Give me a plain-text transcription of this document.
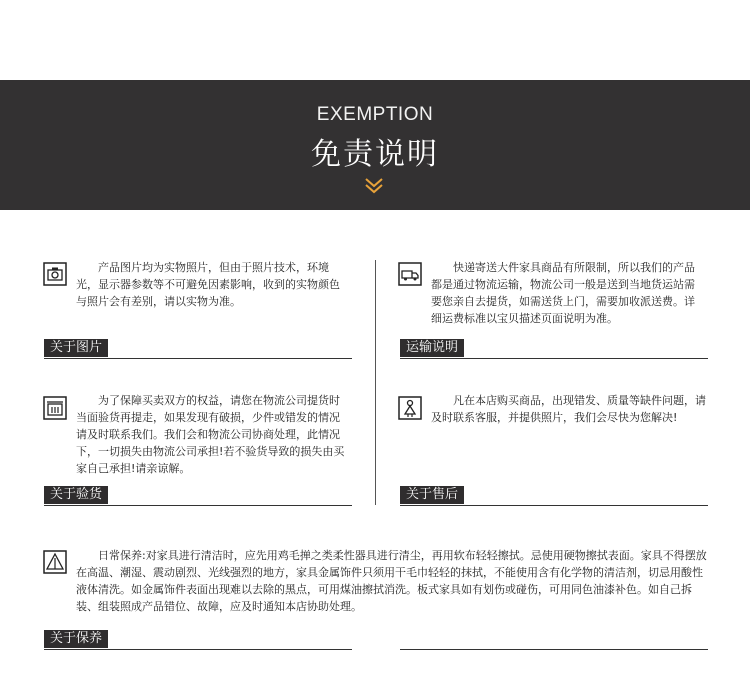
EXEMPTION
免责说明
产品图片均为实物照片，但由于照片技术，环境光，显示器参数等不可避免因素影响，收到的实物颜色与照片会有差别，请以实物为准。
关于图片
快递寄送大件家具商品有所限制，所以我们的产品都是通过物流运输，物流公司一般是送到当地货运站需要您亲自去提货，如需送货上门，需要加收派送费。详细运费标准以宝贝描述页面说明为准。
运输说明
为了保障买卖双方的权益，请您在物流公司提货时当面验货再提走，如果发现有破损，少件或错发的情况请及时联系我们。我们会和物流公司协商处理，此情况下，一切损失由物流公司承担!若不验货导致的损失由买家自己承担!请亲谅解。
关于验货
凡在本店购买商品，出现错发、质量等缺件问题，请及时联系客服，并提供照片，我们会尽快为您解决!
关于售后
日常保养:对家具进行清洁时，应先用鸡毛掸之类柔性器具进行清尘，再用软布轻轻擦拭。忌使用硬物擦拭表面。家具不得摆放在高温、潮湿、震动剧烈、光线强烈的地方，家具金属饰件只须用干毛巾轻轻的抹拭，不能使用含有化学物的清洁剂，切忌用酸性液体清洗。如金属饰件表面出现难以去除的黑点，可用煤油擦拭消洗。板式家具如有划伤或碰伤，可用同色油漆补色。如自己拆装、组装照成产品错位、故障，应及时通知本店协助处理。
关于保养
